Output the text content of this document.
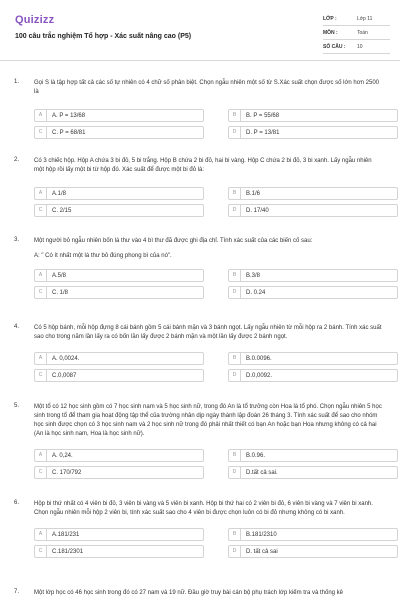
Quizizz
100 câu trắc nghiệm Tổ hợp - Xác suất nâng cao (P5)
LỚP :	Lớp 11
MÔN :	Toán
SỐ CÂU :	10
1. Gọi S là tập hợp tất cả các số tự nhiên có 4 chữ số phân biệt. Chọn ngẫu nhiên một số từ S.Xác suất chọn được số lớn hơn 2500 là
A	A. P = 13/68	B	B. P = 55/68
C	C. P = 68/81	D	D. P = 13/81
2. Có 3 chiếc hộp. Hộp A chứa 3 bi đỏ, 5 bi trắng. Hộp B chứa 2 bi đỏ, hai bi vàng. Hộp C chứa 2 bi đỏ, 3 bi xanh. Lấy ngẫu nhiên một hộp rồi lấy một bi từ hộp đó. Xác suất để được một bi đỏ là:
A	A.1/8	B	B.1/6
C	C. 2/15	D	D. 17/40
3. Một người bỏ ngẫu nhiên bốn lá thư vào 4 bì thư đã được ghi địa chỉ. Tính xác suất của các biến cố sau:
A: " Có ít nhất một lá thư bỏ đúng phong bì của nó".
A	A.5/8	B	B.3/8
C	C. 1/8	D	D. 0.24
4. Có 5 hộp bánh, mỗi hộp đựng 8 cái bánh gồm 5 cái bánh mặn và 3 bánh ngọt. Lấy ngẫu nhiên từ mỗi hộp ra 2 bánh. Tính xác suất sao cho trong năm lần lấy ra có bốn lần lấy được 2 bánh mặn và một lần lấy được 2 bánh ngọt.
A	A. 0,0024.	B	B.0.0096.
C	C.0,0087	D	D.0,0092.
5. Một tổ có 12 học sinh gồm có 7 học sinh nam và 5 học sinh nữ, trong đó An là tổ trưởng còn Hoa là tổ phó. Chọn ngẫu nhiên 5 học sinh trong tổ để tham gia hoạt động tập thể của trường nhân dịp ngày thành lập đoàn 26 tháng 3. Tính xác suất để sao cho nhóm học sinh được chọn có 3 học sinh nam và 2 học sinh nữ trong đó phải nhất thiết có bạn An hoặc bạn Hoa nhưng không có cả hai (An là học sinh nam, Hoa là học sinh nữ).
A	A. 0,24.	B	B.0.96.
C	C. 170/792	D	D.tất cả sai.
6. Hộp bi thứ nhất có 4 viên bi đỏ, 3 viên bi vàng và 5 viên bi xanh. Hộp bi thứ hai có 2 viên bi đỏ, 6 viên bi vàng và 7 viên bi xanh. Chọn ngẫu nhiên mỗi hộp 2 viên bi, tính xác suất sao cho 4 viên bi được chọn luôn có bi đỏ nhưng không có bi xanh.
A	A.181/231	B	B.181/2310
C	C.181/2301	D	D. tất cả sai
7. Một lớp học có 46 học sinh trong đó có 27 nam và 19 nữ. Đầu giờ truy bài cán bộ phụ trách lớp kiểm tra và thống kê
